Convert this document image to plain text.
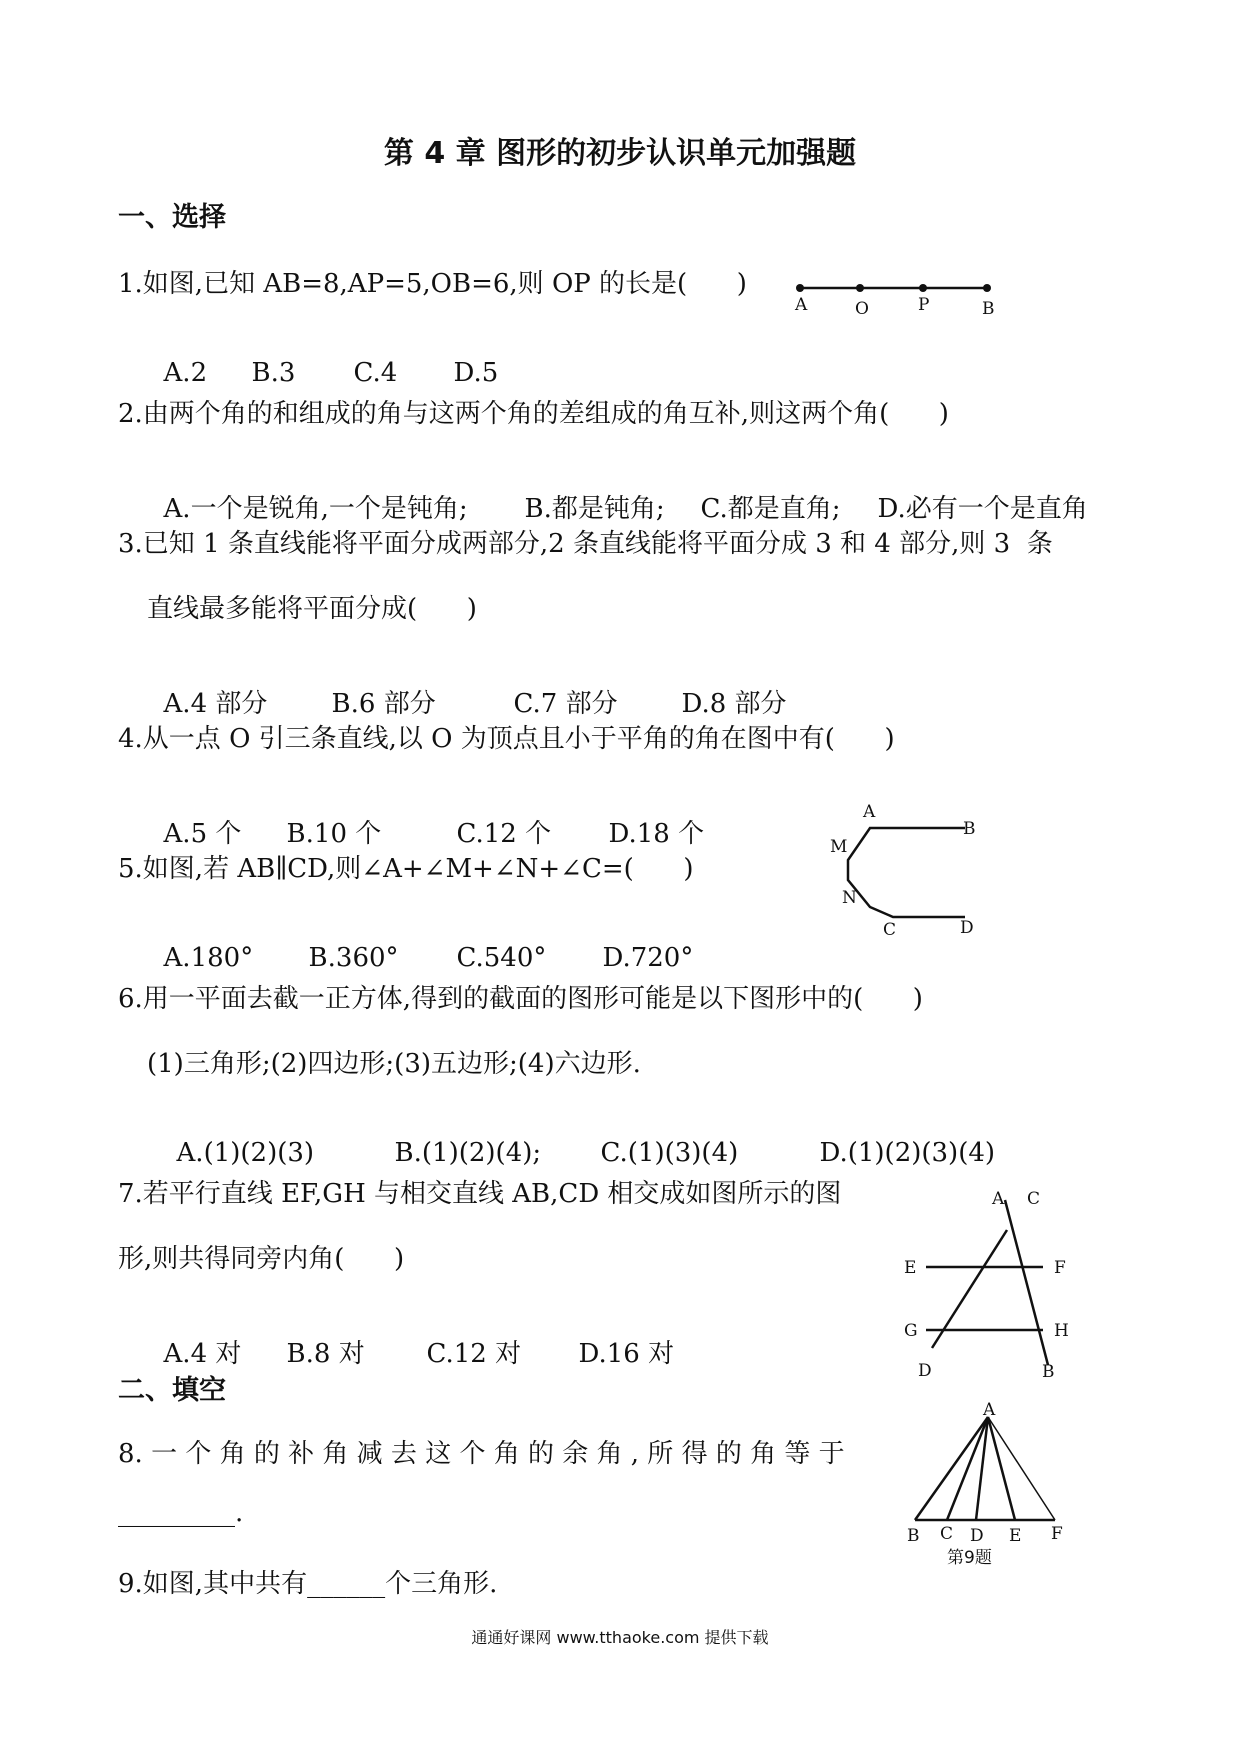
第 4 章 图形的初步认识单元加强题
一、选择
1.如图,已知 AB=8,AP=5,OB=6,则 OP 的长是(      )

A.2 B.3 C.4 D.5

A	O	P	B
2.由两个角的和组成的角与这两个角的差组成的角互补,则这两个角(      )

A.一个是锐角,一个是钝角; B.都是钝角; C.都是直角; D.必有一个是直角

3.已知 1 条直线能将平面分成两部分,2 条直线能将平面分成 3 和 4 部分,则 3  条
直线最多能将平面分成(      )

A.4 部分 B.6 部分	C.7 部分 D.8 部分

4.从一点 O 引三条直线,以 O 为顶点且小于平角的角在图中有(      )

A.5 个 B.10 个	C.12 个 D.18 个

5.如图,若 AB∥CD,则∠A+∠M+∠N+∠C=(      )

A.180° B.360° C.540° D.720°

A
B
M
N
C	D
6.用一平面去截一正方体,得到的截面的图形可能是以下图形中的(      )
(1)三角形;(2)四边形;(3)五边形;(4)六边形.

A.(1)(2)(3)	B.(1)(2)(4); C.(1)(3)(4)	D.(1)(2)(3)(4)

7.若平行直线 EF,GH 与相交直线 AB,CD 相交成如图所示的图
形,则共得同旁内角(      )

A.4 对 B.8 对 C.12 对 D.16 对

A C
E	F
G	H
D	B
二、填空
8. 一 个 角 的 补 角 减 去 这 个 角 的 余 角 , 所 得 的 角 等 于
_________.
A
B C D E F
第9题
9.如图,其中共有______个三角形.
通通好课网 www.tthaoke.com 提供下载
